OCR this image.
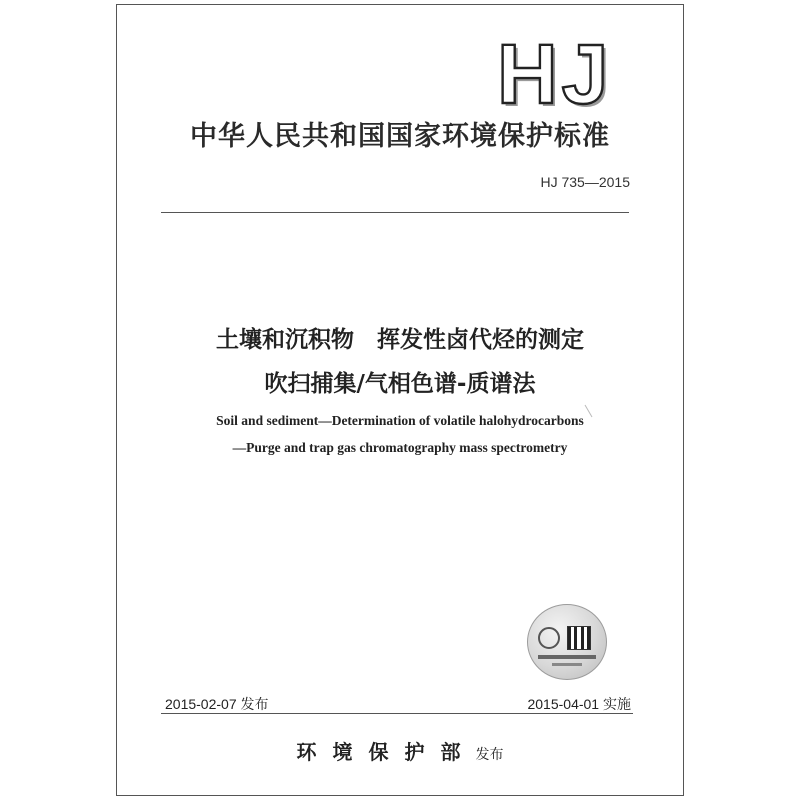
HJ
中华人民共和国国家环境保护标准
HJ 735—2015
土壤和沉积物　挥发性卤代烃的测定
吹扫捕集/气相色谱-质谱法
Soil and sediment—Determination of volatile halohydrocarbons
—Purge and trap gas chromatography mass spectrometry
2015-02-07 发布	2015-04-01 实施
环境保护部 发布
